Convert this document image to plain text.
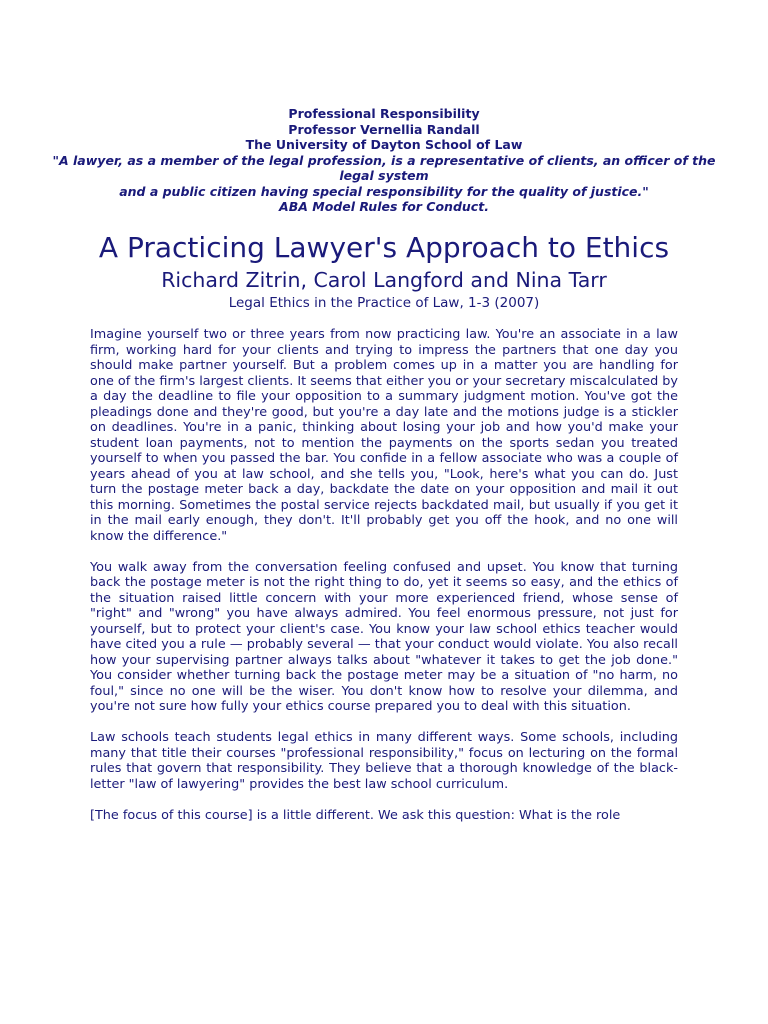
Professional Responsibility
Professor Vernellia Randall
The University of Dayton School of Law
"A lawyer, as a member of the legal profession, is a representative of clients, an officer of the legal system
and a public citizen having special responsibility for the quality of justice."
ABA Model Rules for Conduct.
A Practicing Lawyer's Approach to Ethics
Richard Zitrin, Carol Langford and Nina Tarr
Legal Ethics in the Practice of Law, 1-3 (2007)

Imagine yourself two or three years from now practicing law. You're an associate in a law firm, working hard for your clients and trying to impress the partners that one day you should make partner yourself. But a problem comes up in a matter you are handling for one of the firm's largest clients. It seems that either you or your secretary miscalculated by a day the deadline to file your opposition to a summary judgment motion. You've got the pleadings done and they're good, but you're a day late and the motions judge is a stickler on deadlines. You're in a panic, thinking about losing your job and how you'd make your student loan payments, not to mention the payments on the sports sedan you treated yourself to when you passed the bar. You confide in a fellow associate who was a couple of years ahead of you at law school, and she tells you, "Look, here's what you can do. Just turn the postage meter back a day, backdate the date on your opposition and mail it out this morning. Sometimes the postal service rejects backdated mail, but usually if you get it in the mail early enough, they don't. It'll probably get you off the hook, and no one will know the difference."

You walk away from the conversation feeling confused and upset. You know that turning back the postage meter is not the right thing to do, yet it seems so easy, and the ethics of the situation raised little concern with your more experienced friend, whose sense of "right" and "wrong" you have always admired. You feel enormous pressure, not just for yourself, but to protect your client's case. You know your law school ethics teacher would have cited you a rule — probably several — that your conduct would violate. You also recall how your supervising partner always talks about "whatever it takes to get the job done." You consider whether turning back the postage meter may be a situation of "no harm, no foul," since no one will be the wiser. You don't know how to resolve your dilemma, and you're not sure how fully your ethics course prepared you to deal with this situation.

Law schools teach students legal ethics in many different ways. Some schools, including many that title their courses "professional responsibility," focus on lecturing on the formal rules that govern that responsibility. They believe that a thorough knowledge of the black-letter "law of lawyering" provides the best law school curriculum.

[The focus of this course] is a little different. We ask this question: What is the role
